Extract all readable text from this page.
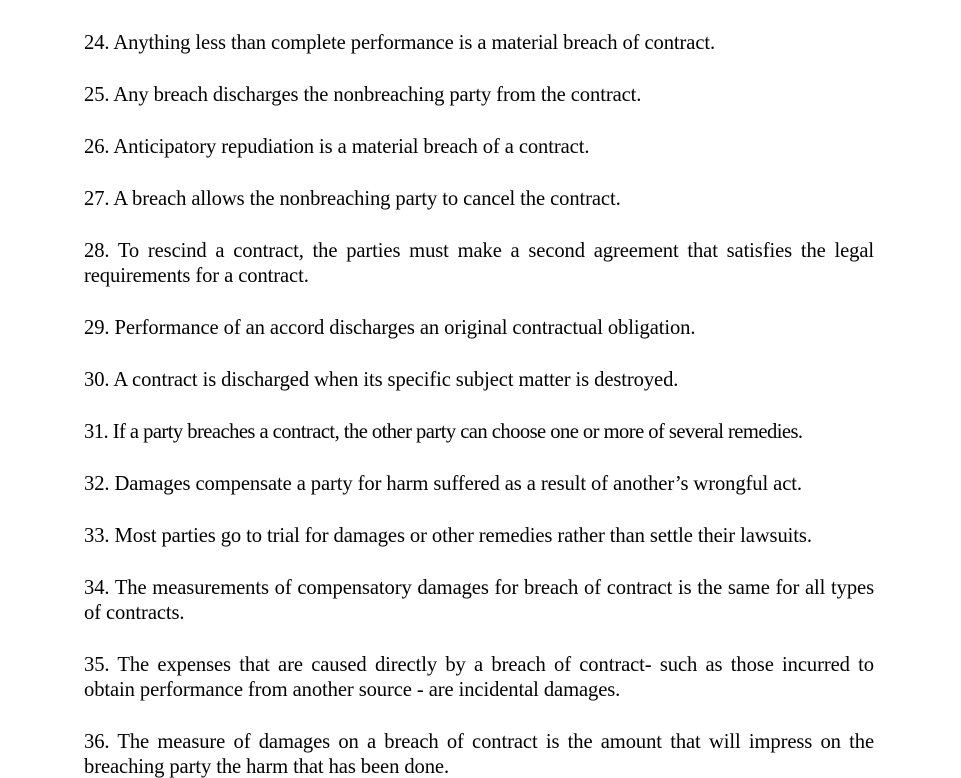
24. Anything less than complete performance is a material breach of contract.

25. Any breach discharges the nonbreaching party from the contract.

26. Anticipatory repudiation is a material breach of a contract.

27. A breach allows the nonbreaching party to cancel the contract.

28. To rescind a contract, the parties must make a second agreement that satisfies the legal requirements for a contract.

29. Performance of an accord discharges an original contractual obligation.

30. A contract is discharged when its specific subject matter is destroyed.

31. If a party breaches a contract, the other party can choose one or more of several remedies.

32. Damages compensate a party for harm suffered as a result of another’s wrongful act.

33. Most parties go to trial for damages or other remedies rather than settle their lawsuits.

34. The measurements of compensatory damages for breach of contract is the same for all types of contracts.

35. The expenses that are caused directly by a breach of contract- such as those incurred to obtain performance from another source - are incidental damages.

36. The measure of damages on a breach of contract is the amount that will impress on the breaching party the harm that has been done.
